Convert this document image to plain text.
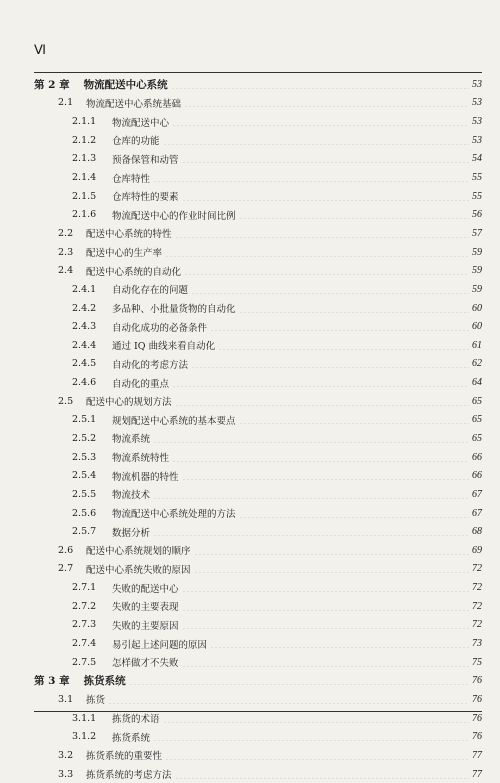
Ⅵ
第 2 章 物流配送中心系统	53
2.1	物流配送中心系统基础	53
2.1.1	物流配送中心	53
2.1.2	仓库的功能	53
2.1.3	预备保管和动管	54
2.1.4	仓库特性	55
2.1.5	仓库特性的要素	55
2.1.6	物流配送中心的作业时间比例	56
2.2	配送中心系统的特性	57
2.3	配送中心的生产率	59
2.4	配送中心系统的自动化	59
2.4.1	自动化存在的问题	59
2.4.2	多品种、小批量货物的自动化	60
2.4.3	自动化成功的必备条件	60
2.4.4	通过 IQ 曲线来看自动化	61
2.4.5	自动化的考虑方法	62
2.4.6	自动化的重点	64
2.5	配送中心的规划方法	65
2.5.1	规划配送中心系统的基本要点	65
2.5.2	物流系统	65
2.5.3	物流系统特性	66
2.5.4	物流机器的特性	66
2.5.5	物流技术	67
2.5.6	物流配送中心系统处理的方法	67
2.5.7	数据分析	68
2.6	配送中心系统规划的顺序	69
2.7	配送中心系统失败的原因	72
2.7.1	失败的配送中心	72
2.7.2	失败的主要表现	72
2.7.3	失败的主要原因	72
2.7.4	易引起上述问题的原因	73
2.7.5	怎样做才不失败	75
第 3 章 拣货系统	76
3.1	拣货	76
3.1.1	拣货的术语	76
3.1.2	拣货系统	76
3.2	拣货系统的重要性	77
3.3	拣货系统的考虑方法	77
